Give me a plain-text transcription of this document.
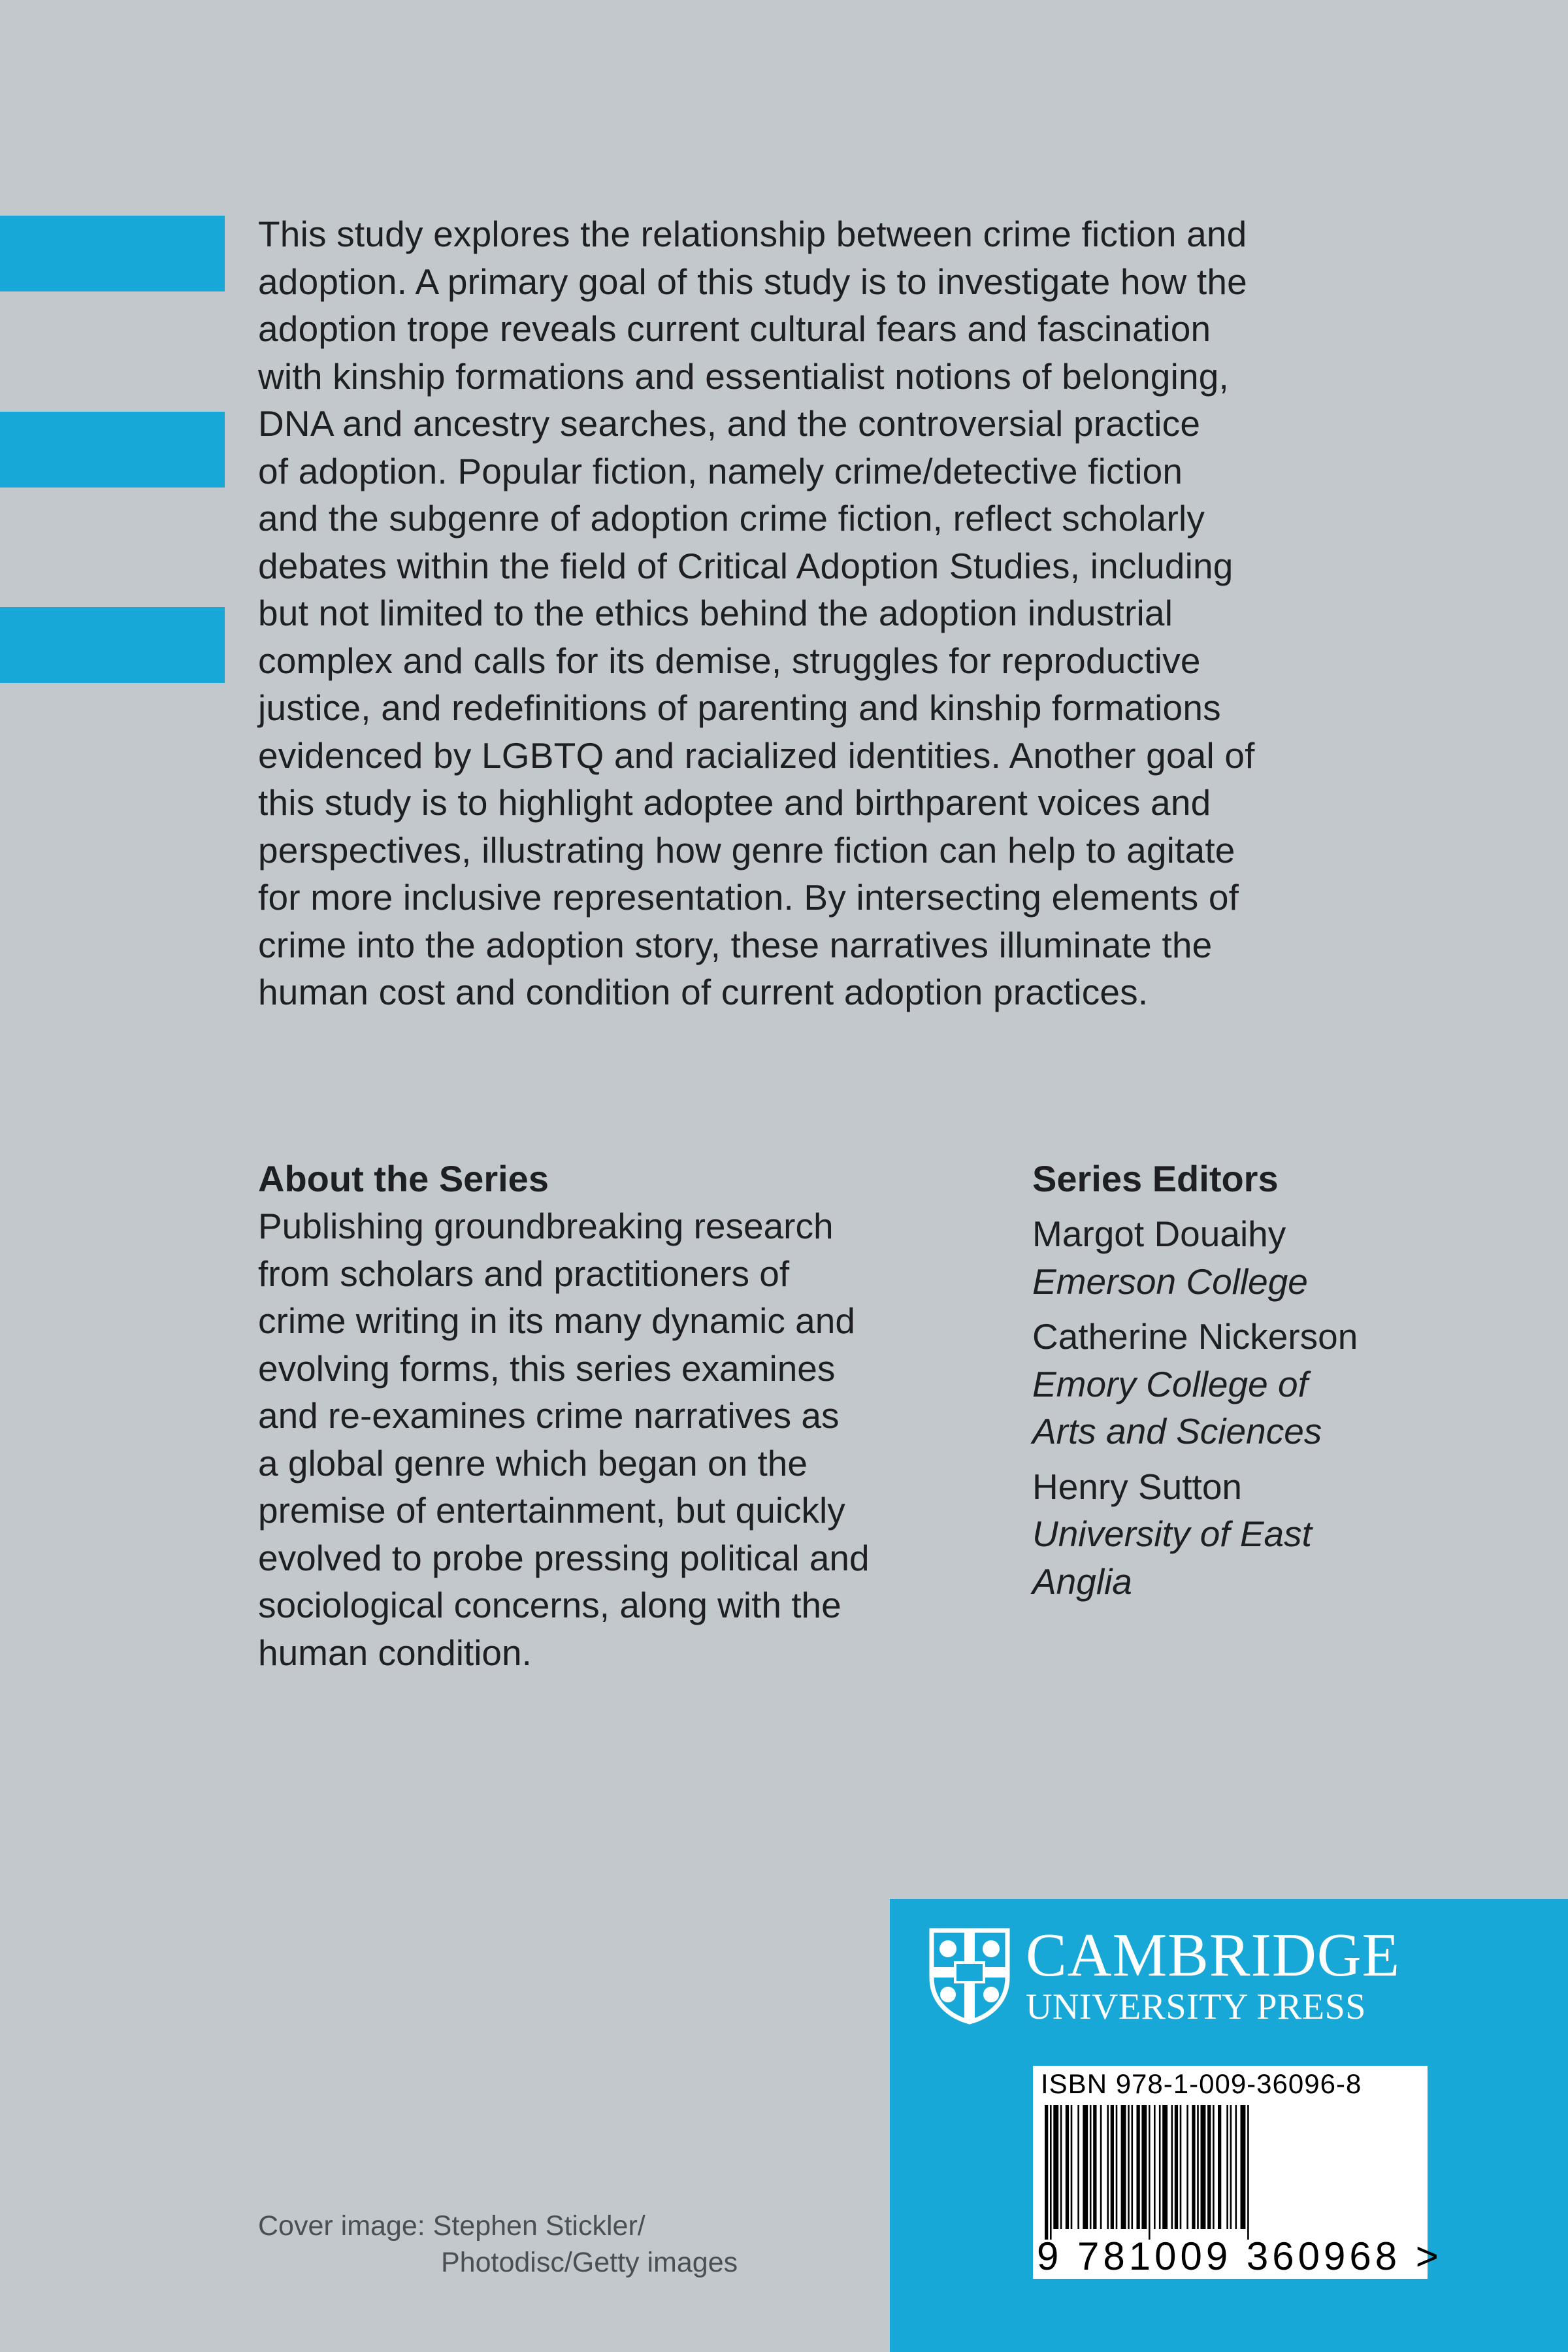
This study explores the relationship between crime fiction and

adoption. A primary goal of this study is to investigate how the

adoption trope reveals current cultural fears and fascination

with kinship formations and essentialist notions of belonging,

DNA and ancestry searches, and the controversial practice

of adoption. Popular fiction, namely crime/detective fiction

and the subgenre of adoption crime fiction, reflect scholarly

debates within the field of Critical Adoption Studies, including

but not limited to the ethics behind the adoption industrial

complex and calls for its demise, struggles for reproductive

justice, and redefinitions of parenting and kinship formations

evidenced by LGBTQ and racialized identities. Another goal of

this study is to highlight adoptee and birthparent voices and

perspectives, illustrating how genre fiction can help to agitate

for more inclusive representation. By intersecting elements of

crime into the adoption story, these narratives illuminate the

human cost and condition of current adoption practices.

About the Series

Publishing groundbreaking research

from scholars and practitioners of

crime writing in its many dynamic and

evolving forms, this series examines

and re-examines crime narratives as

a global genre which began on the

premise of entertainment, but quickly

evolved to probe pressing political and

sociological concerns, along with the

human condition.

Series Editors
Margot Douaihy
Emerson College
Catherine Nickerson
Emory College of
Arts and Sciences
Henry Sutton
University of East
Anglia
Cover image: Stephen Stickler/
Photodisc/Getty images
CAMBRIDGE
UNIVERSITY PRESS
ISBN 978-1-009-36096-8
9 781009 360968 >
